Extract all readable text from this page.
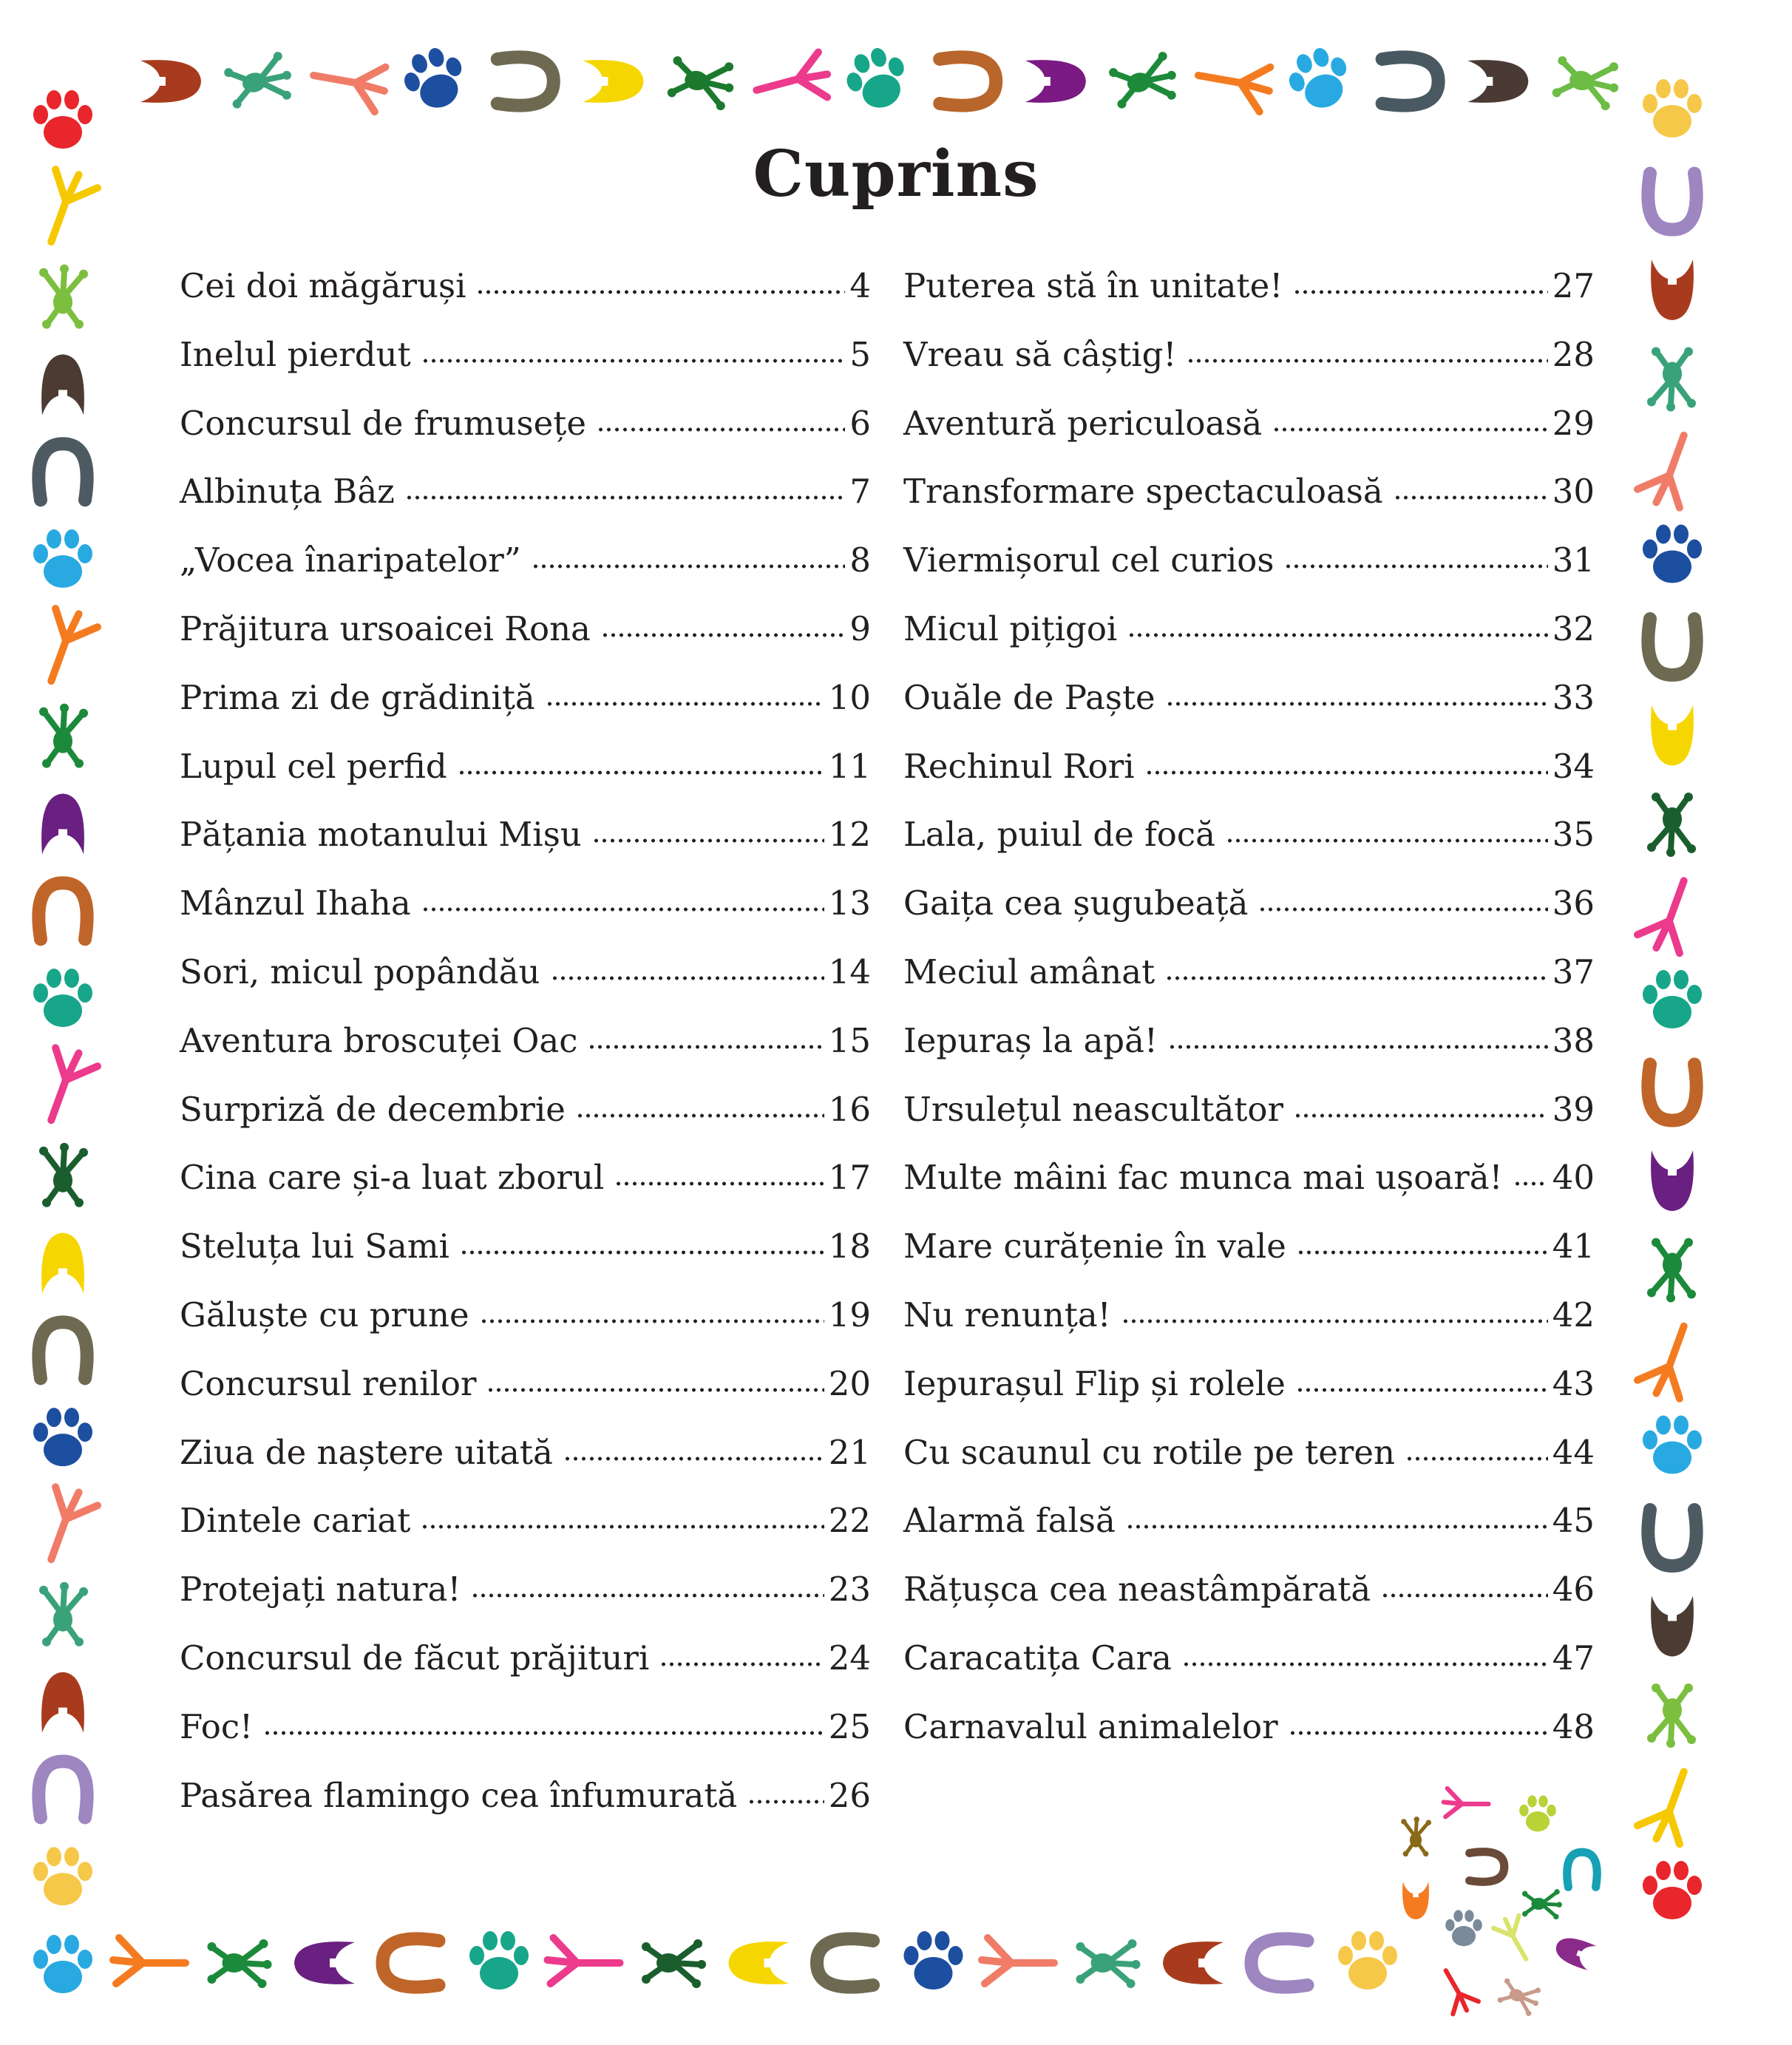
Cuprins
Cei doi măgăruși	4
Inelul pierdut	5
Concursul de frumusețe	6
Albinuța Bâz	7
„Vocea înaripatelor”	8
Prăjitura ursoaicei Rona	9
Prima zi de grădiniță	10
Lupul cel perfid	11
Pățania motanului Mișu	12
Mânzul Ihaha	13
Sori, micul popândău	14
Aventura broscuței Oac	15
Surpriză de decembrie	16
Cina care și-a luat zborul	17
Steluța lui Sami	18
Găluște cu prune	19
Concursul renilor	20
Ziua de naștere uitată	21
Dintele cariat	22
Protejați natura!	23
Concursul de făcut prăjituri	24
Foc!	25
Pasărea flamingo cea înfumurată	26
Puterea stă în unitate!	27
Vreau să câștig!	28
Aventură periculoasă	29
Transformare spectaculoasă	30
Viermișorul cel curios	31
Micul pițigoi	32
Ouăle de Paște	33
Rechinul Rori	34
Lala, puiul de focă	35
Gaița cea șugubeață	36
Meciul amânat	37
Iepuraș la apă!	38
Ursulețul neascultător	39
Multe mâini fac munca mai ușoară! 40
Mare curățenie în vale	41
Nu renunța!	42
Iepurașul Flip și rolele	43
Cu scaunul cu rotile pe teren	44
Alarmă falsă	45
Rățușca cea neastâmpărată	46
Caracatița Cara	47
Carnavalul animalelor	48
